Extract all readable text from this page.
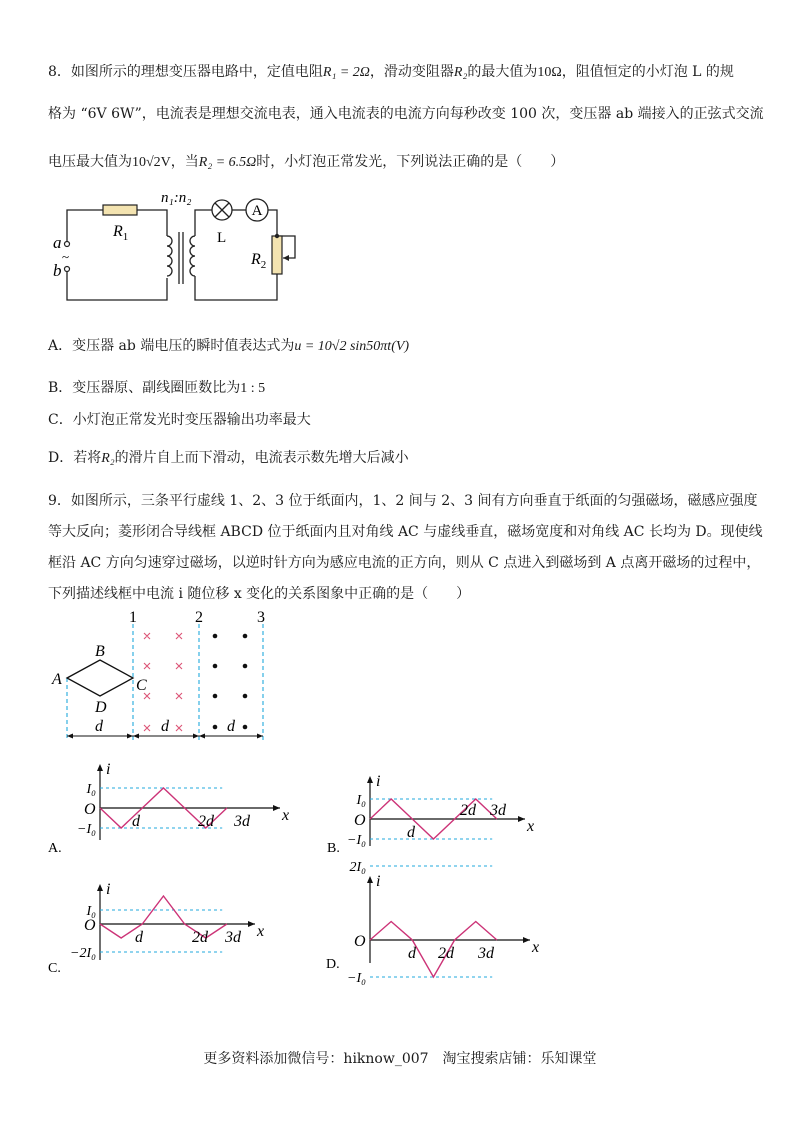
8．如图所示的理想变压器电路中，定值电阻R₁ = 2Ω，滑动变阻器R₂的最大值为10Ω，阻值恒定的小灯泡 L 的规
格为 “6V 6W”，电流表是理想交流电表，通入电流表的电流方向每秒改变 100 次，变压器 ab 端接入的正弦式交流
电压最大值为10√2V，当R₂ = 6.5Ω时，小灯泡正常发光，下列说法正确的是（　　）
A
a
b
~
$R_1$
n₁:n₂
L
$R_2$
A．变压器 ab 端电压的瞬时值表达式为u = 10√2 sin50πt(V)
B．变压器原、副线圈匝数比为1 : 5
C．小灯泡正常发光时变压器输出功率最大
D．若将R₂的滑片自上而下滑动，电流表示数先增大后减小
9．如图所示，三条平行虚线 1、2、3 位于纸面内，1、2 间与 2、3 间有方向垂直于纸面的匀强磁场，磁感应强度
等大反向；菱形闭合导线框 ABCD 位于纸面内且对角线 AC 与虚线垂直，磁场宽度和对角线 AC 长均为 D。现使线
框沿 AC 方向匀速穿过磁场，以逆时针方向为感应电流的正方向，则从 C 点进入到磁场到 A 点离开磁场的过程中，
下列描述线框中电流 i 随位移 x 变化的关系图象中正确的是（　　）
1	2	3
A
B
C
D
d	d	d
i
x
O
I₀
−I₀ d	2d 3d
A.
i
x
O
I₀
−I₀	d
2d 3d
B.
i
x
O
I₀
−2I₀
d	2d 3d
C.
i
x
O
2I₀
−I₀
d 2d 3d
D.
更多资料添加微信号：hiknow_007　淘宝搜索店铺：乐知课堂
